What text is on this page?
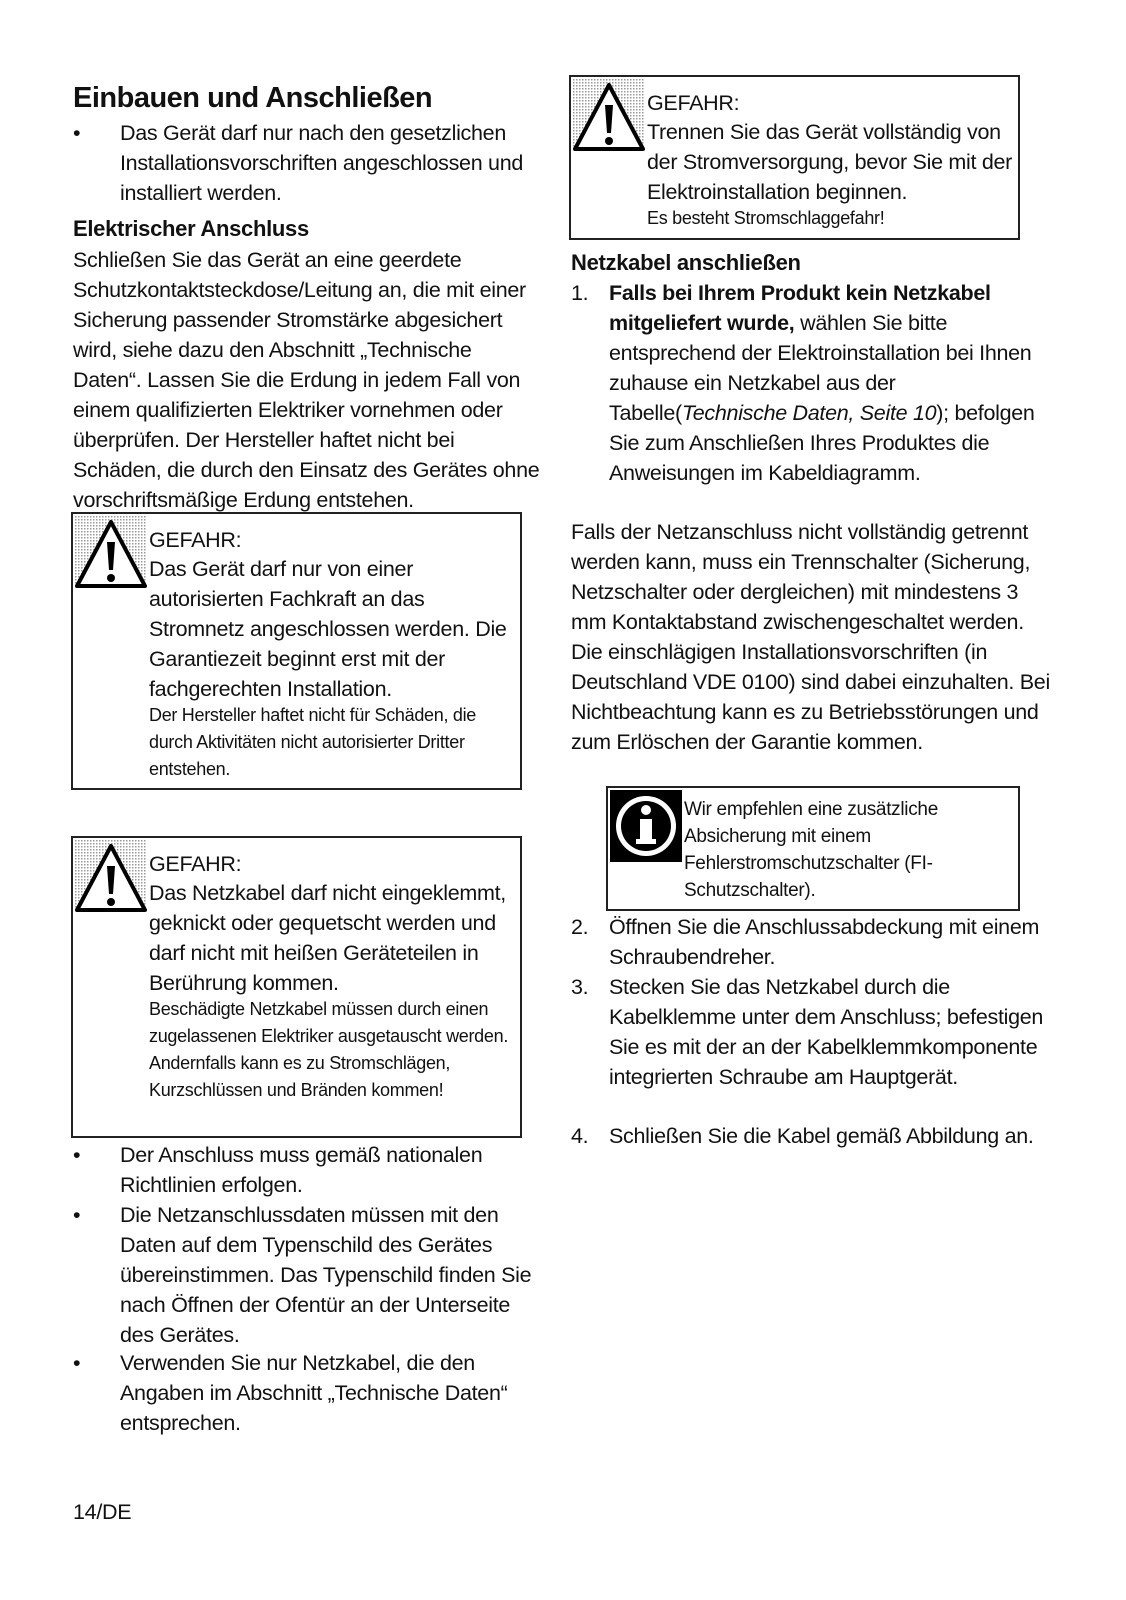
Einbauen und Anschließen
• Das Gerät darf nur nach den gesetzlichen Installationsvorschriften angeschlossen und installiert werden.
Elektrischer Anschluss

Schließen Sie das Gerät an eine geerdete Schutzkontaktsteckdose/Leitung an, die mit einer Sicherung passender Stromstärke abgesichert wird, siehe dazu den Abschnitt „Technische Daten“. Lassen Sie die Erdung in jedem Fall von einem qualifizierten Elektriker vornehmen oder überprüfen. Der Hersteller haftet nicht bei Schäden, die durch den Einsatz des Gerätes ohne vorschriftsmäßige Erdung entstehen.

GEFAHR:
Das Gerät darf nur von einer autorisierten Fachkraft an das Stromnetz angeschlossen werden. Die Garantiezeit beginnt erst mit der fachgerechten Installation.
Der Hersteller haftet nicht für Schäden, die durch Aktivitäten nicht autorisierter Dritter entstehen.
GEFAHR:
Das Netzkabel darf nicht eingeklemmt, geknickt oder gequetscht werden und darf nicht mit heißen Geräteteilen in Berührung kommen.
Beschädigte Netzkabel müssen durch einen zugelassenen Elektriker ausgetauscht werden. Andernfalls kann es zu Stromschlägen, Kurzschlüssen und Bränden kommen!
• Der Anschluss muss gemäß nationalen Richtlinien erfolgen.
• Die Netzanschlussdaten müssen mit den Daten auf dem Typenschild des Gerätes übereinstimmen. Das Typenschild finden Sie nach Öffnen der Ofentür an der Unterseite des Gerätes.
• Verwenden Sie nur Netzkabel, die den Angaben im Abschnitt „Technische Daten“ entsprechen.
GEFAHR:
Trennen Sie das Gerät vollständig von der Stromversorgung, bevor Sie mit der Elektroinstallation beginnen.
Es besteht Stromschlaggefahr!
Netzkabel anschließen
1. Falls bei Ihrem Produkt kein Netzkabel mitgeliefert wurde, wählen Sie bitte entsprechend der Elektroinstallation bei Ihnen zuhause ein Netzkabel aus der Tabelle(Technische Daten, Seite 10); befolgen Sie zum Anschließen Ihres Produktes die Anweisungen im Kabeldiagramm.

Falls der Netzanschluss nicht vollständig getrennt werden kann, muss ein Trennschalter (Sicherung, Netzschalter oder dergleichen) mit mindestens 3 mm Kontaktabstand zwischengeschaltet werden. Die einschlägigen Installationsvorschriften (in Deutschland VDE 0100) sind dabei einzuhalten. Bei Nichtbeachtung kann es zu Betriebsstörungen und zum Erlöschen der Garantie kommen.

Wir empfehlen eine zusätzliche Absicherung mit einem Fehlerstromschutzschalter (FI-Schutzschalter).
2. Öffnen Sie die Anschlussabdeckung mit einem Schraubendreher.
3. Stecken Sie das Netzkabel durch die Kabelklemme unter dem Anschluss; befestigen Sie es mit der an der Kabelklemmkomponente integrierten Schraube am Hauptgerät.
4. Schließen Sie die Kabel gemäß Abbildung an.
14/DE
